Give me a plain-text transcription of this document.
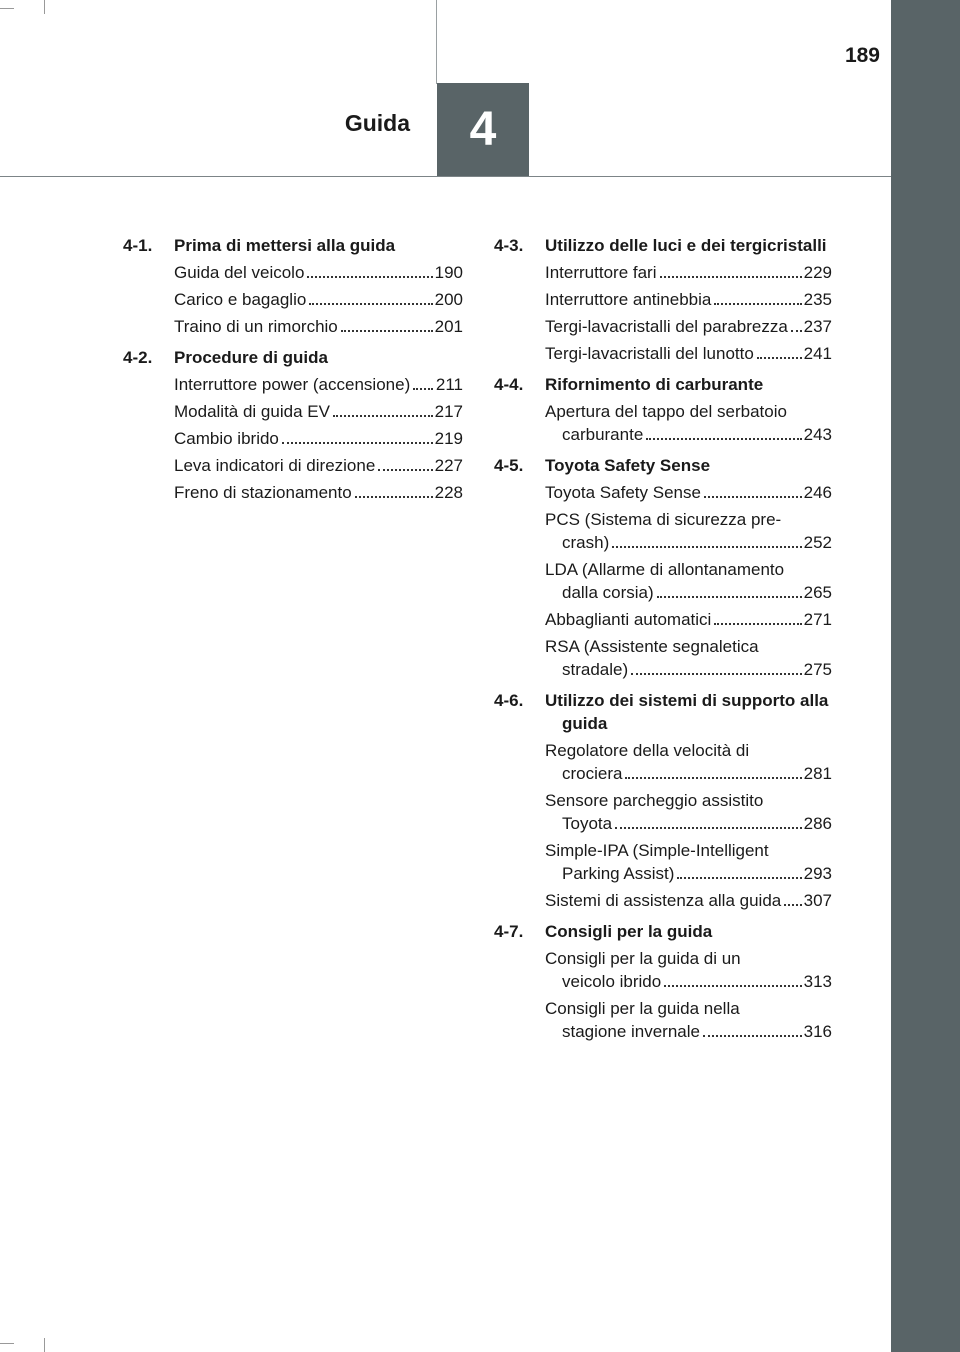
4
189
Guida
4-1.	Prima di mettersi alla guida
Guida del veicolo	190
Carico e bagaglio	200
Traino di un rimorchio	201
4-2.	Procedure di guida
Interruttore power (accensione) 211
Modalità di guida EV	217
Cambio ibrido	219
Leva indicatori di direzione	227
Freno di stazionamento	228
4-3.	Utilizzo delle luci e dei tergicristalli
Interruttore fari	229
Interruttore antinebbia	235
Tergi-lavacristalli del parabrezza 237
Tergi-lavacristalli del lunotto	241
4-4.	Rifornimento di carburante
Apertura del tappo del serbatoio carburante	243
4-5.	Toyota Safety Sense
Toyota Safety Sense	246
PCS (Sistema di sicurezza pre-crash)	252
LDA (Allarme di allontanamento dalla corsia)	265
Abbaglianti automatici	271
RSA (Assistente segnaletica stradale)	275
4-6.	Utilizzo dei sistemi di supporto alla guida
Regolatore della velocità di crociera	281
Sensore parcheggio assistito Toyota	286
Simple-IPA (Simple-Intelligent Parking Assist)	293
Sistemi di assistenza alla guida 307
4-7.	Consigli per la guida
Consigli per la guida di un veicolo ibrido	313
Consigli per la guida nella stagione invernale	316
